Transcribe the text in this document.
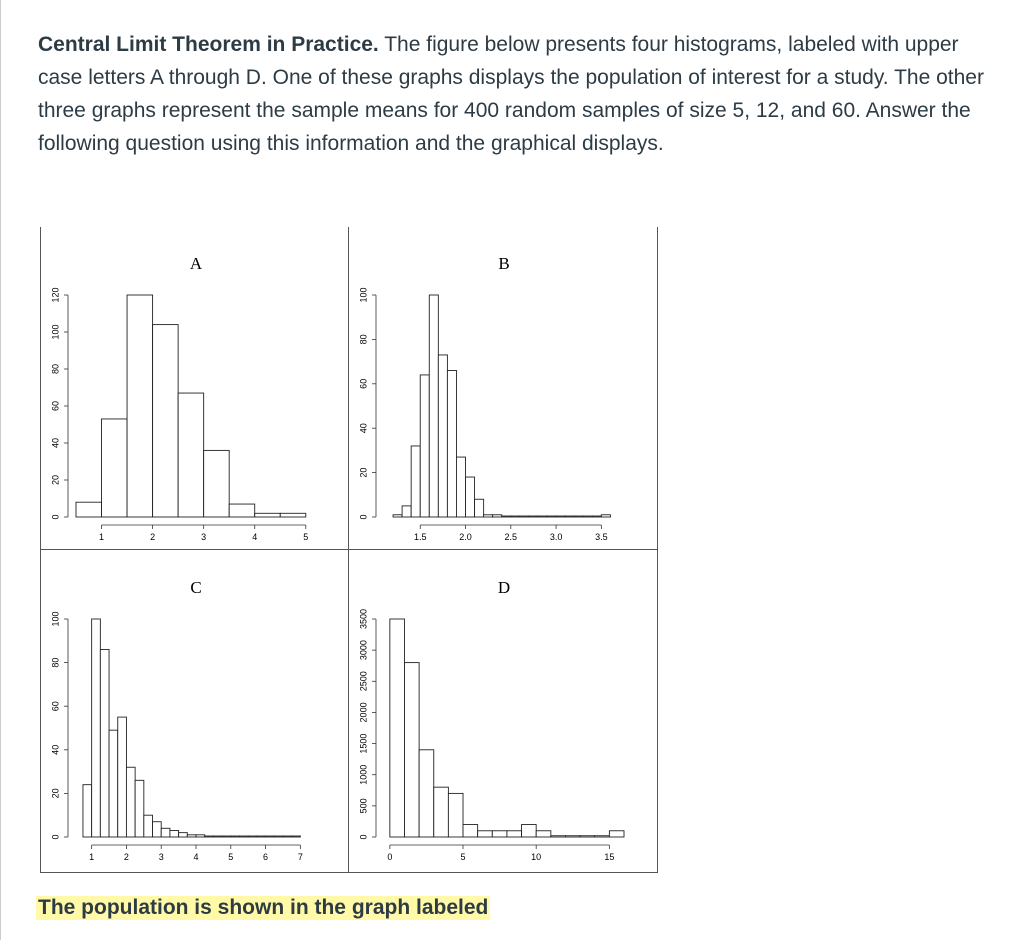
Central Limit Theorem in Practice. The figure below presents four histograms, labeled with upper case letters A through D. One of these graphs displays the population of interest for a study. The other three graphs represent the sample means for 400 random samples of size 5, 12, and 60. Answer the following question using this information and the graphical displays.

A
1	2	3	4	5
0
20
40
60
80
100
120
B
1.5	2.0	2.5	3.0	3.5
0
20
40
60
80
100
C
1	2	3	4	5	6	7
0
20
40
60
80
100
D
0	5	10	15
0
500
1000
1500
2000
2500
3000
3500

The population is shown in the graph labeled
